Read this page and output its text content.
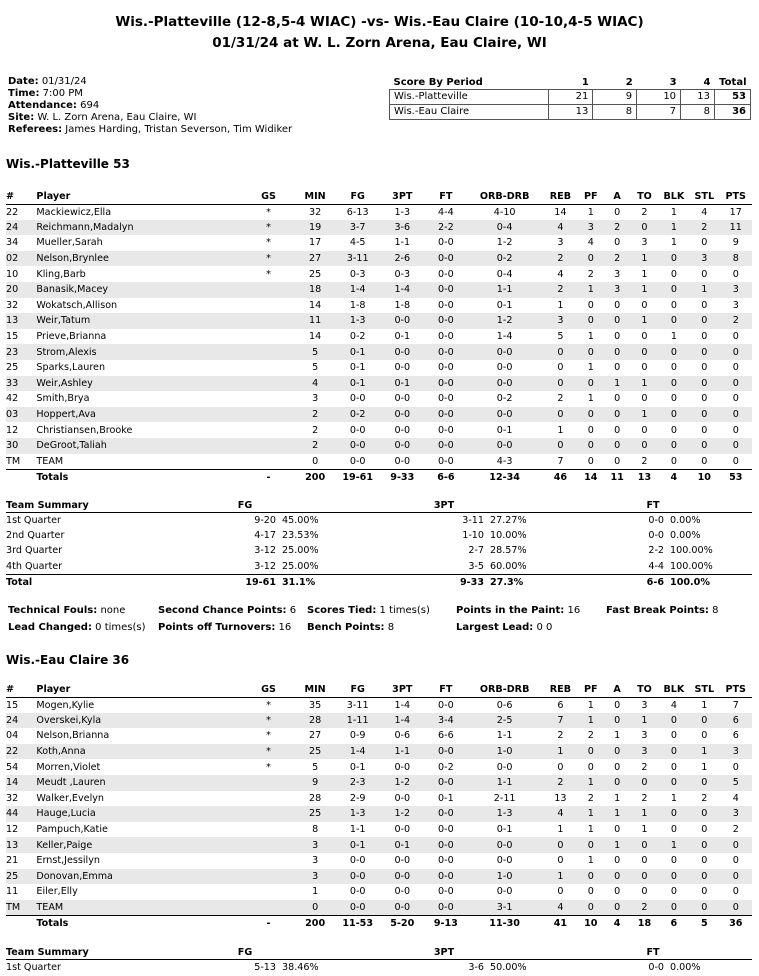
Wis.-Platteville (12-8,5-4 WIAC) -vs- Wis.-Eau Claire (10-10,4-5 WIAC)
01/31/24 at W. L. Zorn Arena, Eau Claire, WI
Date: 01/31/24
Time: 7:00 PM
Attendance: 694
Site: W. L. Zorn Arena, Eau Claire, WI
Referees: James Harding, Tristan Severson, Tim Widiker
Score By Period	1	2	3	4	Total
Wis.-Platteville	21	9	10	13	53
Wis.-Eau Claire	13	8	7	8	36
Wis.-Platteville 53
#	Player	GS	MIN	FG	3PT	FT	ORB-DRB	REB	PF	A	TO	BLK	STL	PTS
22	Mackiewicz,Ella	*	32	6-13	1-3	4-4	4-10	14	1	0	2	1	4	17
24	Reichmann,Madalyn	*	19	3-7	3-6	2-2	0-4	4	3	2	0	1	2	11
34	Mueller,Sarah	*	17	4-5	1-1	0-0	1-2	3	4	0	3	1	0	9
02	Nelson,Brynlee	*	27	3-11	2-6	0-0	0-2	2	0	2	1	0	3	8
10	Kling,Barb	*	25	0-3	0-3	0-0	0-4	4	2	3	1	0	0	0
20	Banasik,Macey		18	1-4	1-4	0-0	1-1	2	1	3	1	0	1	3
32	Wokatsch,Allison		14	1-8	1-8	0-0	0-1	1	0	0	0	0	0	3
13	Weir,Tatum		11	1-3	0-0	0-0	1-2	3	0	0	1	0	0	2
15	Prieve,Brianna		14	0-2	0-1	0-0	1-4	5	1	0	0	1	0	0
23	Strom,Alexis		5	0-1	0-0	0-0	0-0	0	0	0	0	0	0	0
25	Sparks,Lauren		5	0-1	0-0	0-0	0-0	0	1	0	0	0	0	0
33	Weir,Ashley		4	0-1	0-1	0-0	0-0	0	0	1	1	0	0	0
42	Smith,Brya		3	0-0	0-0	0-0	0-2	2	1	0	0	0	0	0
03	Hoppert,Ava		2	0-2	0-0	0-0	0-0	0	0	0	1	0	0	0
12	Christiansen,Brooke		2	0-0	0-0	0-0	0-1	1	0	0	0	0	0	0
30	DeGroot,Taliah		2	0-0	0-0	0-0	0-0	0	0	0	0	0	0	0
TM	TEAM		0	0-0	0-0	0-0	4-3	7	0	0	2	0	0	0
	Totals	-	200	19-61	9-33	6-6	12-34	46	14	11	13	4	10	53
Team Summary	FG		3PT		FT	
1st Quarter	9-20	45.00%	3-11	27.27%	0-0	0.00%
2nd Quarter	4-17	23.53%	1-10	10.00%	0-0	0.00%
3rd Quarter	3-12	25.00%	2-7	28.57%	2-2	100.00%
4th Quarter	3-12	25.00%	3-5	60.00%	4-4	100.00%
Total	19-61	31.1%	9-33	27.3%	6-6	100.0%
Technical Fouls: none	Second Chance Points: 6 Scores Tied: 1 times(s)	Points in the Paint: 16	Fast Break Points: 8
Lead Changed: 0 times(s) Points off Turnovers: 16 Bench Points: 8	Largest Lead: 0 0
Wis.-Eau Claire 36
#	Player	GS	MIN	FG	3PT	FT	ORB-DRB	REB	PF	A	TO	BLK	STL	PTS
15	Mogen,Kylie	*	35	3-11	1-4	0-0	0-6	6	1	0	3	4	1	7
24	Overskei,Kyla	*	28	1-11	1-4	3-4	2-5	7	1	0	1	0	0	6
04	Nelson,Brianna	*	27	0-9	0-6	6-6	1-1	2	2	1	3	0	0	6
22	Koth,Anna	*	25	1-4	1-1	0-0	1-0	1	0	0	3	0	1	3
54	Morren,Violet	*	5	0-1	0-0	0-2	0-0	0	0	0	2	0	1	0
14	Meudt ,Lauren		9	2-3	1-2	0-0	1-1	2	1	0	0	0	0	5
32	Walker,Evelyn		28	2-9	0-0	0-1	2-11	13	2	1	2	1	2	4
44	Hauge,Lucia		25	1-3	1-2	0-0	1-3	4	1	1	1	0	0	3
12	Pampuch,Katie		8	1-1	0-0	0-0	0-1	1	1	0	1	0	0	2
13	Keller,Paige		3	0-1	0-1	0-0	0-0	0	0	1	0	1	0	0
21	Ernst,Jessilyn		3	0-0	0-0	0-0	0-0	0	1	0	0	0	0	0
25	Donovan,Emma		3	0-0	0-0	0-0	1-0	1	0	0	0	0	0	0
11	Eiler,Elly		1	0-0	0-0	0-0	0-0	0	0	0	0	0	0	0
TM	TEAM		0	0-0	0-0	0-0	3-1	4	0	0	2	0	0	0
	Totals	-	200	11-53	5-20	9-13	11-30	41	10	4	18	6	5	36
Team Summary	FG		3PT		FT	
1st Quarter	5-13	38.46%	3-6	50.00%	0-0	0.00%
